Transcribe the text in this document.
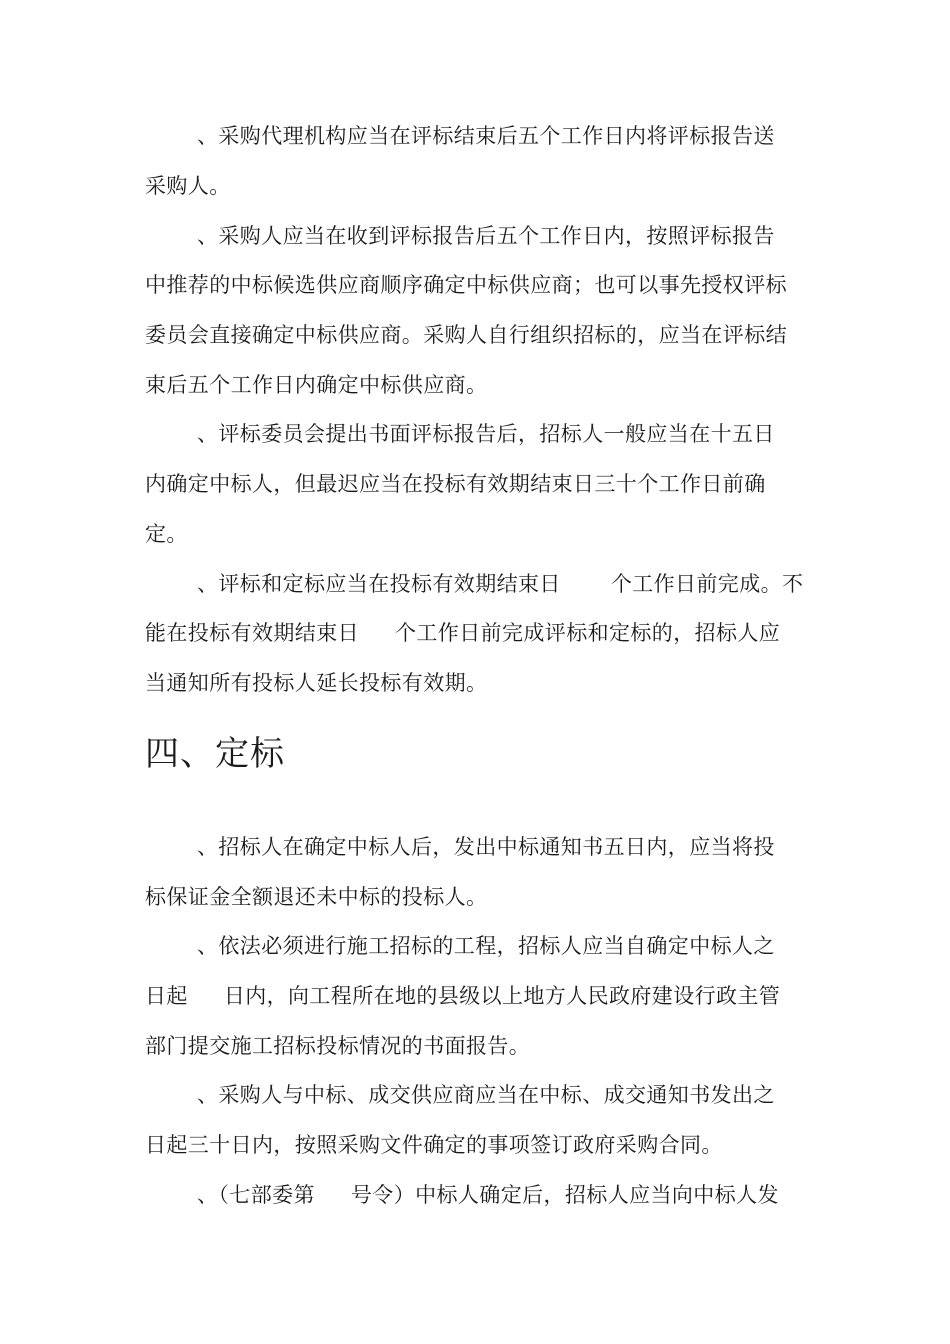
、采购代理机构应当在评标结束后五个工作日内将评标报告送
采购人。
、采购人应当在收到评标报告后五个工作日内，按照评标报告
中推荐的中标候选供应商顺序确定中标供应商；也可以事先授权评标
委员会直接确定中标供应商。采购人自行组织招标的，应当在评标结
束后五个工作日内确定中标供应商。
、评标委员会提出书面评标报告后，招标人一般应当在十五日
内确定中标人，但最迟应当在投标有效期结束日三十个工作日前确
定。
、评标和定标应当在投标有效期结束日 个工作日前完成。不
能在投标有效期结束日 个工作日前完成评标和定标的，招标人应
当通知所有投标人延长投标有效期。
四、定标
、招标人在确定中标人后，发出中标通知书五日内，应当将投
标保证金全额退还未中标的投标人。
、依法必须进行施工招标的工程，招标人应当自确定中标人之
日起 日内，向工程所在地的县级以上地方人民政府建设行政主管
部门提交施工招标投标情况的书面报告。
、采购人与中标、成交供应商应当在中标、成交通知书发出之
日起三十日内，按照采购文件确定的事项签订政府采购合同。
、（七部委第 号令）中标人确定后，招标人应当向中标人发
